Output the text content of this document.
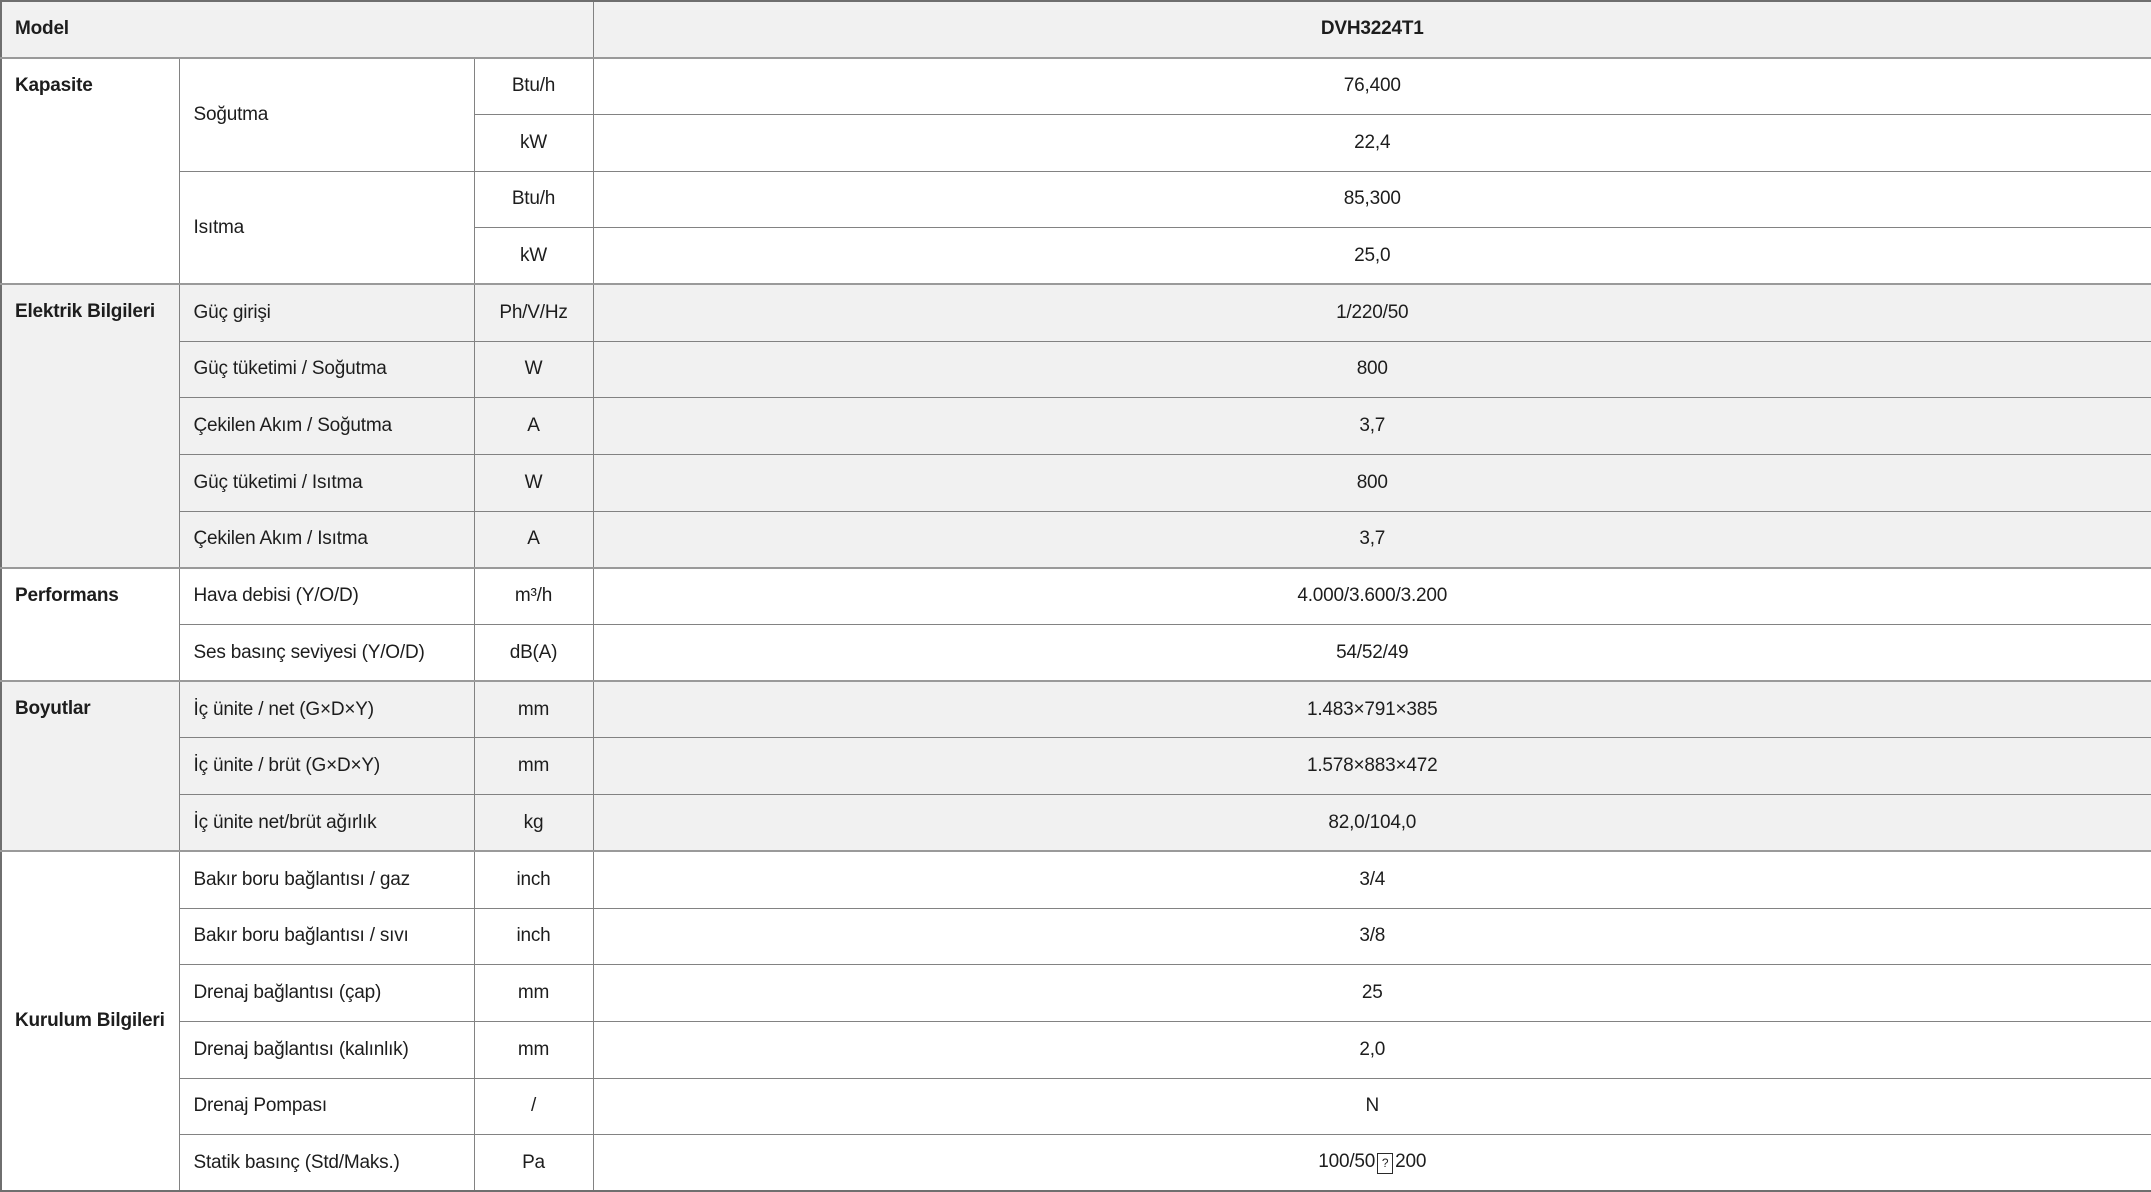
Model			DVH3224T1
Kapasite	Soğutma	Btu/h	76,400
		kW	22,4
	Isıtma	Btu/h	85,300
		kW	25,0
Elektrik Bilgileri	Güç girişi	Ph/V/Hz	1/220/50
	Güç tüketimi / Soğutma	W	800
	Çekilen Akım / Soğutma	A	3,7
	Güç tüketimi / Isıtma	W	800
	Çekilen Akım / Isıtma	A	3,7
Performans	Hava debisi (Y/O/D)	m³/h	4.000/3.600/3.200
	Ses basınç seviyesi (Y/O/D)	dB(A)	54/52/49
Boyutlar	İç ünite / net (G×D×Y)	mm	1.483×791×385
	İç ünite / brüt (G×D×Y)	mm	1.578×883×472
	İç ünite net/brüt ağırlık	kg	82,0/104,0
Kurulum Bilgileri	Bakır boru bağlantısı / gaz	inch	3/4
	Bakır boru bağlantısı / sıvı	inch	3/8
	Drenaj bağlantısı (çap)	mm	25
	Drenaj bağlantısı (kalınlık)	mm	2,0
	Drenaj Pompası	/	N
	Statik basınç (Std/Maks.)	Pa	100/50 ? 200
